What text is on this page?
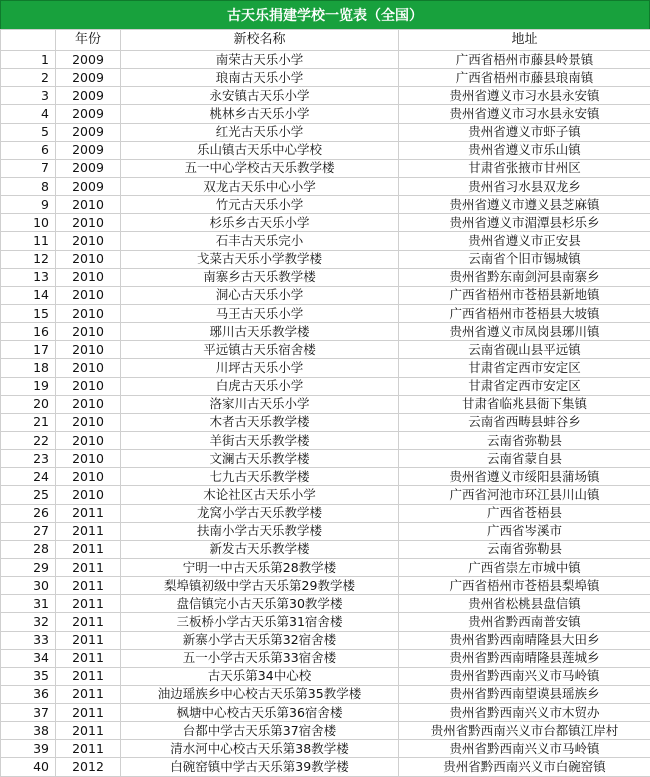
古天乐捐建学校一览表（全国）
	年份	新校名称	地址
1	2009	南荣古天乐小学	广西省梧州市藤县岭景镇
2	2009	琅南古天乐小学	广西省梧州市藤县琅南镇
3	2009	永安镇古天乐小学	贵州省遵义市习水县永安镇
4	2009	桃林乡古天乐小学	贵州省遵义市习水县永安镇
5	2009	红光古天乐小学	贵州省遵义市虾子镇
6	2009	乐山镇古天乐中心学校	贵州省遵义市乐山镇
7	2009	五一中心学校古天乐教学楼	甘肃省张掖市甘州区
8	2009	双龙古天乐中心小学	贵州省习水县双龙乡
9	2010	竹元古天乐小学	贵州省遵义市遵义县芝麻镇
10	2010	杉乐乡古天乐小学	贵州省遵义市湄潭县杉乐乡
11	2010	石丰古天乐完小	贵州省遵义市正安县
12	2010	戈菜古天乐小学教学楼	云南省个旧市锡城镇
13	2010	南寨乡古天乐教学楼	贵州省黔东南剑河县南寨乡
14	2010	洞心古天乐小学	广西省梧州市苍梧县新地镇
15	2010	马王古天乐小学	广西省梧州市苍梧县大坡镇
16	2010	琊川古天乐教学楼	贵州省遵义市凤岗县琊川镇
17	2010	平远镇古天乐宿舍楼	云南省砚山县平远镇
18	2010	川坪古天乐小学	甘肃省定西市安定区
19	2010	白虎古天乐小学	甘肃省定西市安定区
20	2010	洛家川古天乐小学	甘肃省临兆县衙下集镇
21	2010	木者古天乐教学楼	云南省西畴县蚌谷乡
22	2010	羊街古天乐教学楼	云南省弥勒县
23	2010	文澜古天乐教学楼	云南省蒙自县
24	2010	七九古天乐教学楼	贵州省遵义市绥阳县蒲场镇
25	2010	木论社区古天乐小学	广西省河池市环江县川山镇
26	2011	龙窝小学古天乐教学楼	广西省苍梧县
27	2011	扶南小学古天乐教学楼	广西省岑溪市
28	2011	新发古天乐教学楼	云南省弥勒县
29	2011	宁明一中古天乐第28教学楼	广西省崇左市城中镇
30	2011	梨埠镇初级中学古天乐第29教学楼	广西省梧州市苍梧县梨埠镇
31	2011	盘信镇完小古天乐第30教学楼	贵州省松桃县盘信镇
32	2011	三板桥小学古天乐第31宿舍楼	贵州省黔西南普安镇
33	2011	新寨小学古天乐第32宿舍楼	贵州省黔西南晴隆县大田乡
34	2011	五一小学古天乐第33宿舍楼	贵州省黔西南晴隆县莲城乡
35	2011	古天乐第34中心校	贵州省黔西南兴义市马岭镇
36	2011	油边瑶族乡中心校古天乐第35教学楼	贵州省黔西南望谟县瑶族乡
37	2011	枫塘中心校古天乐第36宿舍楼	贵州省黔西南兴义市木贸办
38	2011	台都中学古天乐第37宿舍楼	贵州省黔西南兴义市台都镇江岸村
39	2011	清水河中心校古天乐第38教学楼	贵州省黔西南兴义市马岭镇
40	2012	白碗窑镇中学古天乐第39教学楼	贵州省黔西南兴义市白碗窑镇
